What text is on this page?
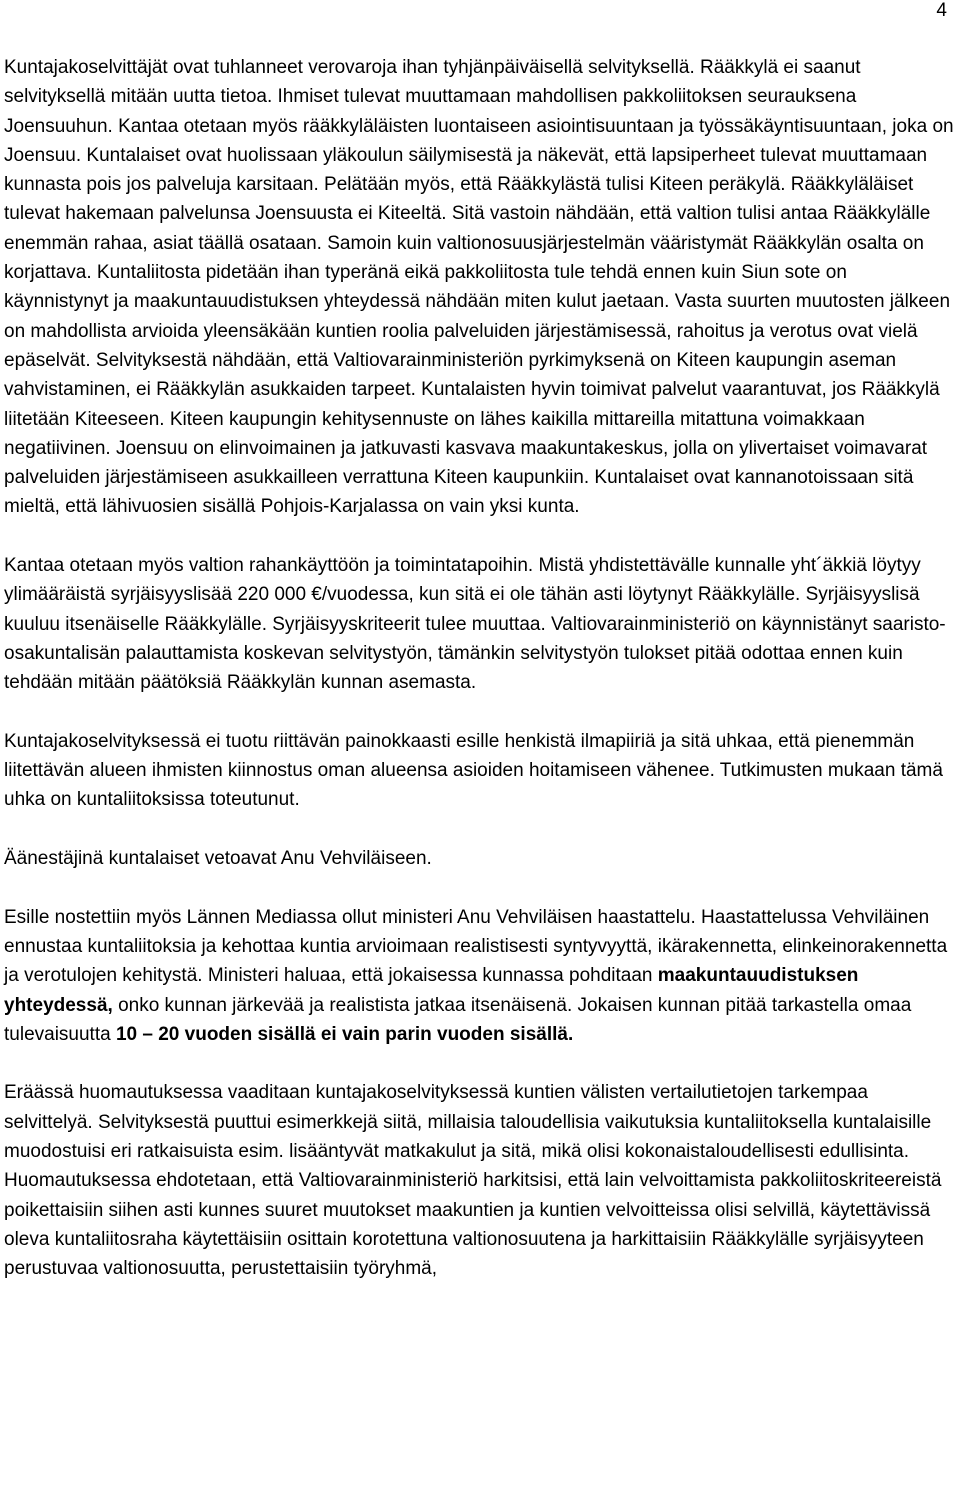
4

Kuntajakoselvittäjät ovat tuhlanneet verovaroja ihan tyhjänpäiväisellä selvityksellä. Rääkkylä ei saanut selvityksellä mitään uutta tietoa. Ihmiset tulevat muuttamaan mahdollisen pakkoliitoksen seurauksena Joensuuhun. Kantaa otetaan myös rääkkyläläisten luontaiseen asiointisuuntaan ja työssäkäyntisuuntaan, joka on Joensuu. Kuntalaiset ovat huolissaan yläkoulun säilymisestä ja näkevät, että lapsiperheet tulevat muuttamaan kunnasta pois jos palveluja karsitaan. Pelätään myös, että Rääkkylästä tulisi Kiteen peräkylä. Rääkkyläläiset tulevat hakemaan palvelunsa Joensuusta ei Kiteeltä. Sitä vastoin nähdään, että valtion tulisi antaa Rääkkylälle enemmän rahaa, asiat täällä osataan. Samoin kuin valtionosuusjärjestelmän vääristymät Rääkkylän osalta on korjattava. Kuntaliitosta pidetään ihan typeränä eikä pakkoliitosta tule tehdä ennen kuin Siun sote on käynnistynyt ja maakuntauudistuksen yhteydessä nähdään miten kulut jaetaan. Vasta suurten muutosten jälkeen on mahdollista arvioida yleensäkään kuntien roolia palveluiden järjestämisessä, rahoitus ja verotus ovat vielä epäselvät. Selvityksestä nähdään, että Valtiovarainministeriön pyrkimyksenä on Kiteen kaupungin aseman vahvistaminen, ei Rääkkylän asukkaiden tarpeet. Kuntalaisten hyvin toimivat palvelut vaarantuvat, jos Rääkkylä liitetään Kiteeseen. Kiteen kaupungin kehitysennuste on lähes kaikilla mittareilla mitattuna voimakkaan negatiivinen. Joensuu on elinvoimainen ja jatkuvasti kasvava maakuntakeskus, jolla on ylivertaiset voimavarat palveluiden järjestämiseen asukkailleen verrattuna Kiteen kaupunkiin. Kuntalaiset ovat kannanotoissaan sitä mieltä, että lähivuosien sisällä Pohjois-Karjalassa on vain yksi kunta.

Kantaa otetaan myös valtion rahankäyttöön ja toimintatapoihin. Mistä yhdistettävälle kunnalle yht´äkkiä löytyy ylimääräistä syrjäisyyslisää 220 000 €/vuodessa, kun sitä ei ole tähän asti löytynyt Rääkkylälle. Syrjäisyyslisä kuuluu itsenäiselle Rääkkylälle. Syrjäisyyskriteerit tulee muuttaa. Valtiovarainministeriö on käynnistänyt saaristo-osakuntalisän palauttamista koskevan selvitystyön, tämänkin selvitystyön tulokset pitää odottaa ennen kuin tehdään mitään päätöksiä Rääkkylän kunnan asemasta.

Kuntajakoselvityksessä ei tuotu riittävän painokkaasti esille henkistä ilmapiiriä ja sitä uhkaa, että pienemmän liitettävän alueen ihmisten kiinnostus oman alueensa asioiden hoitamiseen vähenee. Tutkimusten mukaan tämä uhka on kuntaliitoksissa toteutunut.

Äänestäjinä kuntalaiset vetoavat Anu Vehviläiseen.

Esille nostettiin myös Lännen Mediassa ollut ministeri Anu Vehviläisen haastattelu. Haastattelussa Vehviläinen ennustaa kuntaliitoksia ja kehottaa kuntia arvioimaan realistisesti syntyvyyttä, ikärakennetta, elinkeinorakennetta ja verotulojen kehitystä. Ministeri haluaa, että jokaisessa kunnassa pohditaan maakuntauudistuksen yhteydessä, onko kunnan järkevää ja realistista jatkaa itsenäisenä. Jokaisen kunnan pitää tarkastella omaa tulevaisuutta 10 – 20 vuoden sisällä ei vain parin vuoden sisällä.

Eräässä huomautuksessa vaaditaan kuntajakoselvityksessä kuntien välisten vertailutietojen tarkempaa selvittelyä. Selvityksestä puuttui esimerkkejä siitä, millaisia taloudellisia vaikutuksia kuntaliitoksella kuntalaisille muodostuisi eri ratkaisuista esim. lisääntyvät matkakulut ja sitä, mikä olisi kokonaistaloudellisesti edullisinta. Huomautuksessa ehdotetaan, että Valtiovarainministeriö harkitsisi, että lain velvoittamista pakkoliitoskriteereistä poikettaisiin siihen asti kunnes suuret muutokset maakuntien ja kuntien velvoitteissa olisi selvillä, käytettävissä oleva kuntaliitosraha käytettäisiin osittain korotettuna valtionosuutena ja harkittaisiin Rääkkylälle syrjäisyyteen perustuvaa valtionosuutta, perustettaisiin työryhmä,
